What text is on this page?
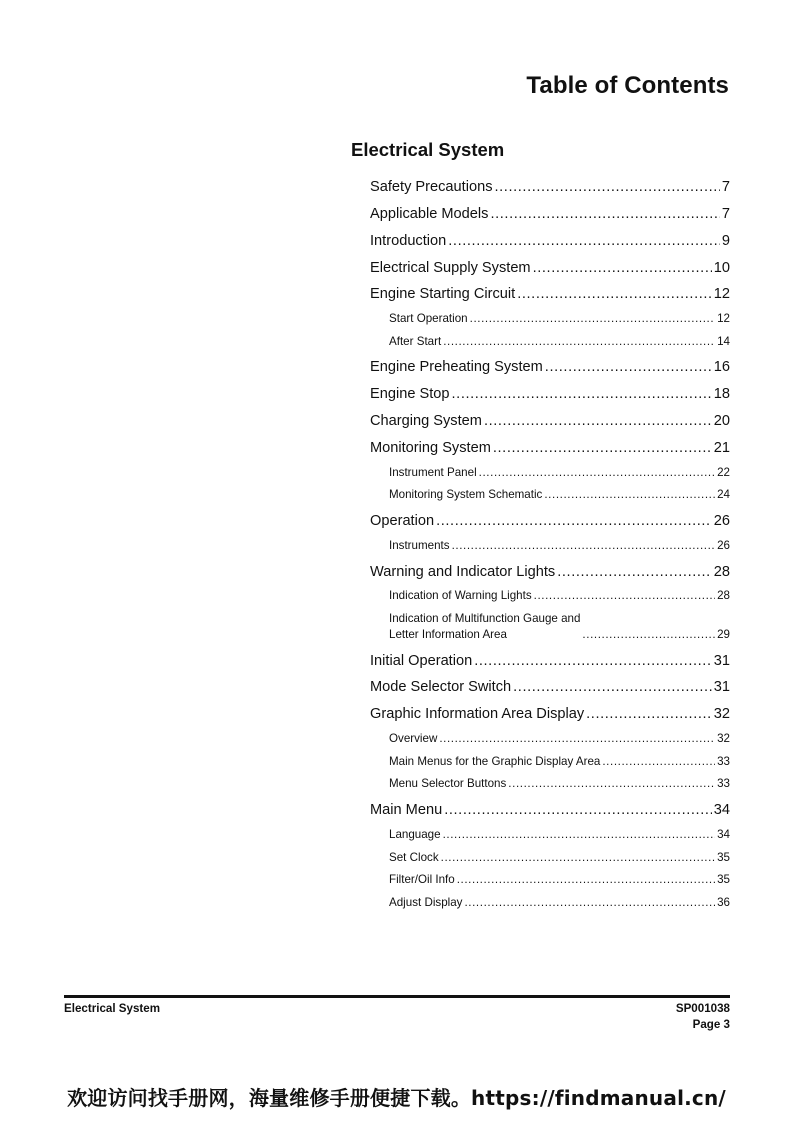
Table of Contents
Electrical System
Safety Precautions .....	7
Applicable Models .....	7
Introduction .....	9
Electrical Supply System .....	10
Engine Starting Circuit .....	12
Start Operation .....	12
After Start .....	14
Engine Preheating System .....	16
Engine Stop .....	18
Charging System .....	20
Monitoring System .....	21
Instrument Panel .....	22
Monitoring System Schematic .....	24
Operation .....	26
Instruments .....	26
Warning and Indicator Lights .....	28
Indication of Warning Lights .....	28
Indication of Multifunction Gauge and
Letter Information Area .....	29
Initial Operation .....	31
Mode Selector Switch .....	31
Graphic Information Area Display .....	32
Overview .....	32
Main Menus for the Graphic Display Area .....	33
Menu Selector Buttons .....	33
Main Menu .....	34
Language .....	34
Set Clock .....	35
Filter/Oil Info .....	35
Adjust Display .....	36
Electrical System	SP001038
Page 3
欢迎访问找手册网，海量维修手册便捷下载。https://findmanual.cn/
